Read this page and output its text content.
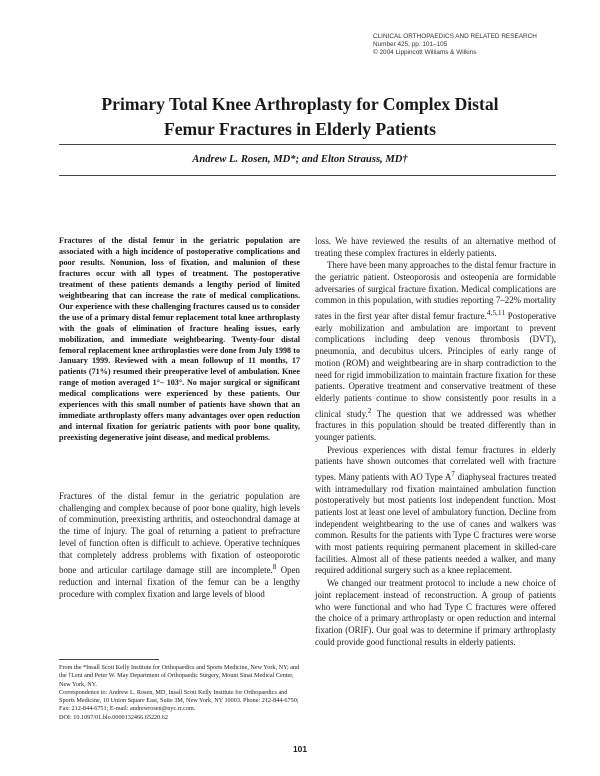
CLINICAL ORTHOPAEDICS AND RELATED RESEARCH
Number 425, pp. 101–105
© 2004 Lippincott Williams & Wilkins
Primary Total Knee Arthroplasty for Complex Distal
Femur Fractures in Elderly Patients
Andrew L. Rosen, MD*; and Elton Strauss, MD†

Fractures of the distal femur in the geriatric population are associated with a high incidence of postoperative complications and poor results. Nonunion, loss of fixation, and malunion of these fractures occur with all types of treatment. The postoperative treatment of these patients demands a lengthy period of limited weightbearing that can increase the rate of medical complications. Our experience with these challenging fractures caused us to consider the use of a primary distal femur replacement total knee arthroplasty with the goals of elimination of fracture healing issues, early mobilization, and immediate weightbearing. Twenty-four distal femoral replacement knee arthroplasties were done from July 1998 to January 1999. Reviewed with a mean followup of 11 months, 17 patients (71%) resumed their preoperative level of ambulation. Knee range of motion averaged 1°– 103°. No major surgical or significant medical complications were experienced by these patients. Our experiences with this small number of patients have shown that an immediate arthroplasty offers many advantages over open reduction and internal fixation for geriatric patients with poor bone quality, preexisting degenerative joint disease, and medical problems.

Fractures of the distal femur in the geriatric population are challenging and complex because of poor bone quality, high levels of comminution, preexisting arthritis, and osteochondral damage at the time of injury. The goal of returning a patient to prefracture level of function often is difficult to achieve. Operative techniques that completely address problems with fixation of osteoporotic bone and articular cartilage damage still are incomplete.$^8$ Open reduction and internal fixation of the femur can be a lengthy procedure with complex fixation and large levels of blood

loss. We have reviewed the results of an alternative method of treating these complex fractures in elderly patients.

There have been many approaches to the distal femur fracture in the geriatric patient. Osteoporosis and osteopenia are formidable adversaries of surgical fracture fixation. Medical complications are common in this population, with studies reporting 7–22% mortality rates in the first year after distal femur fracture.$^{4,5,11}$ Postoperative early mobilization and ambulation are important to prevent complications including deep venous thrombosis (DVT), pneumonia, and decubitus ulcers. Principles of early range of motion (ROM) and weightbearing are in sharp contradiction to the need for rigid immobilization to maintain fracture fixation for these patients. Operative treatment and conservative treatment of these elderly patients continue to show consistently poor results in a clinical study.$^2$ The question that we addressed was whether fractures in this population should be treated differently than in younger patients.

Previous experiences with distal femur fractures in elderly patients have shown outcomes that correlated well with fracture types. Many patients with AO Type $A^7$ diaphyseal fractures treated with intramedullary rod fixation maintained ambulation function postoperatively but most patients lost independent function. Most patients lost at least one level of ambulatory function. Decline from independent weightbearing to the use of canes and walkers was common. Results for the patients with Type C fractures were worse with most patients requiring permanent placement in skilled-care facilities. Almost all of these patients needed a walker, and many required additional surgery such as a knee replacement.

We changed our treatment protocol to include a new choice of joint replacement instead of reconstruction. A group of patients who were functional and who had Type C fractures were offered the choice of a primary arthroplasty or open reduction and internal fixation (ORIF). Our goal was to determine if primary arthroplasty could provide good functional results in elderly patients.

From the *Insall Scott Kelly Institute for Orthopaedics and Sports Medicine, New York, NY; and the †Leni and Peter W. May Department of Orthopaedic Surgery, Mount Sinai Medical Center, New York, NY.
Correspondence to: Andrew L. Rosen, MD, Insall Scott Kelly Institute for Orthopaedics and Sports Medicine, 10 Union Square East, Suite 3M, New York, NY 10003. Phone: 212-844-6750; Fax: 212-844-6751; E-mail: andrewrosen@nyc.rr.com.
DOI: 10.1097/01.blo.0000132466.65220.62
101
